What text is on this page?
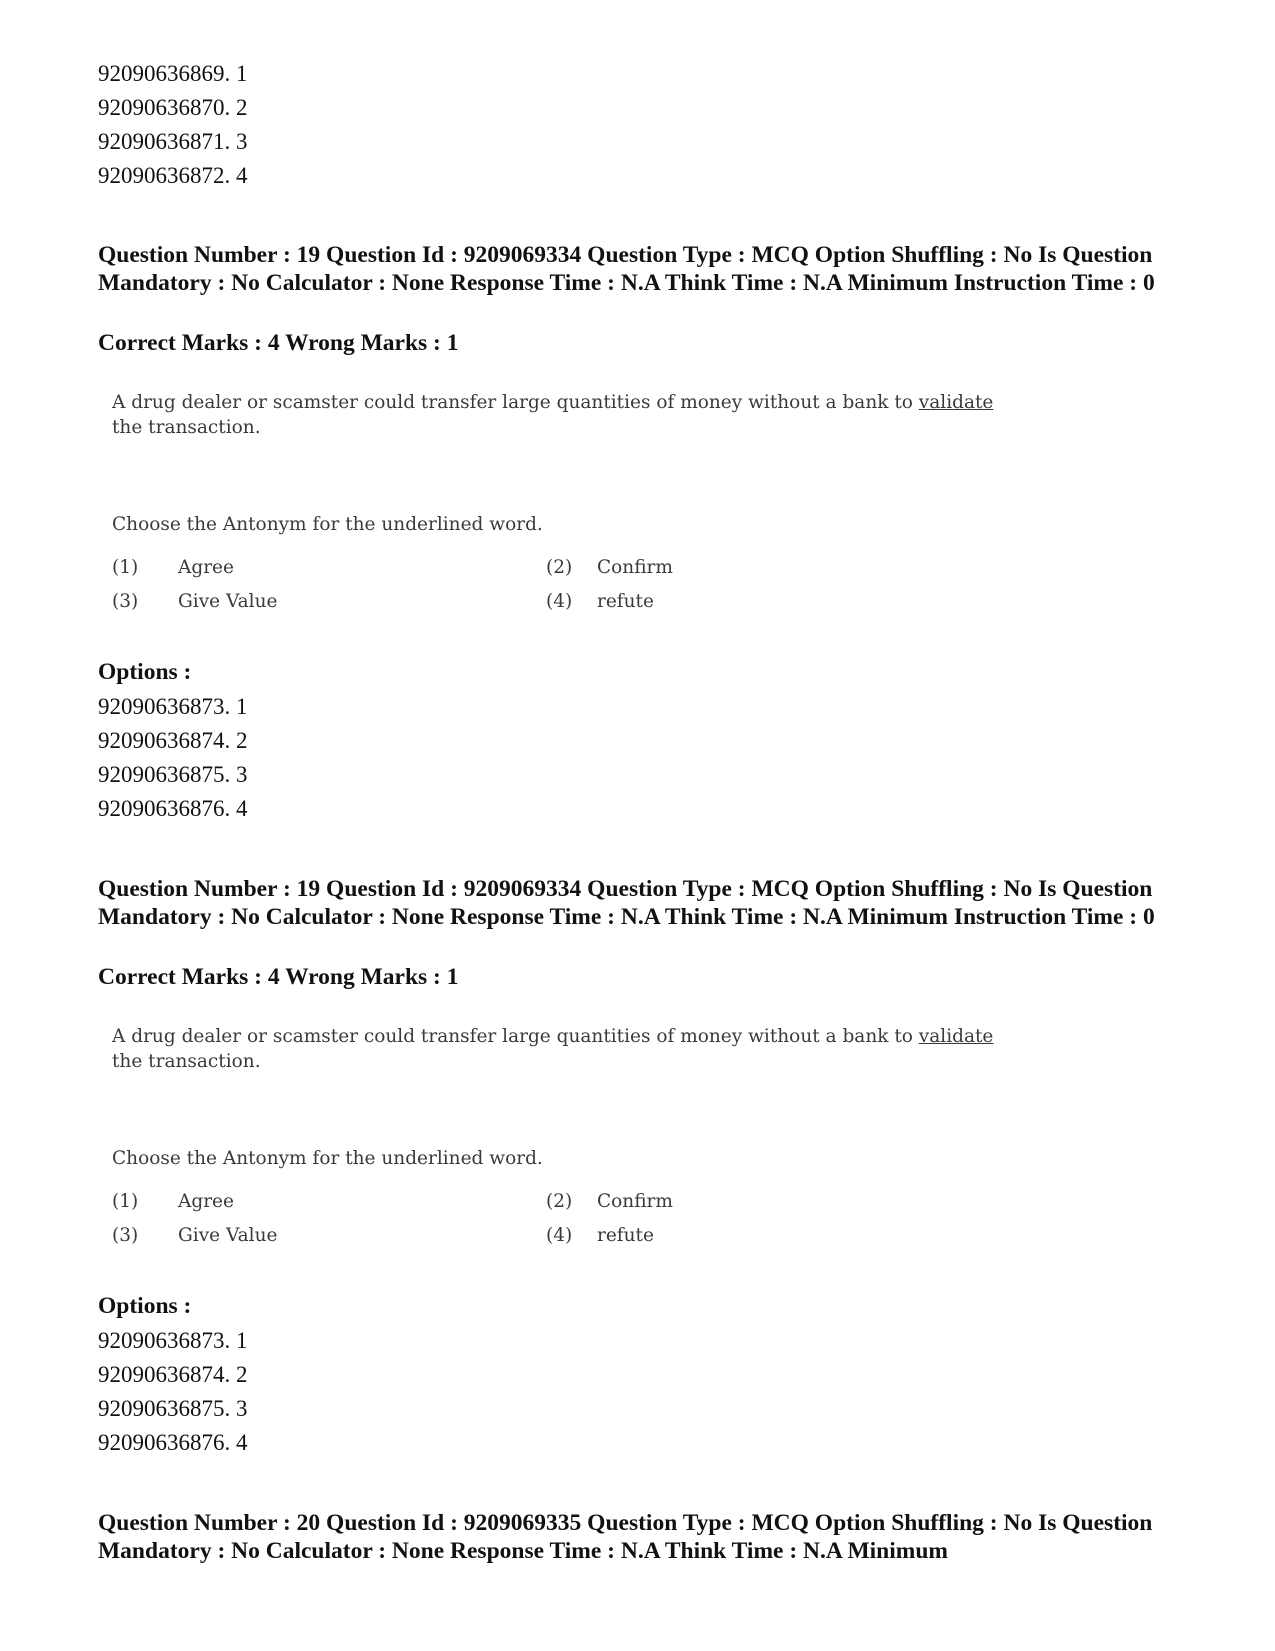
92090636869. 1
92090636870. 2
92090636871. 3
92090636872. 4
Question Number : 19 Question Id : 9209069334 Question Type : MCQ Option Shuffling : No Is Question Mandatory : No Calculator : None Response Time : N.A Think Time : N.A Minimum Instruction Time : 0
Correct Marks : 4 Wrong Marks : 1
A drug dealer or scamster could transfer large quantities of money without a bank to validate the transaction.
Choose the Antonym for the underlined word.
(1) Agree	(2) Confirm
(3) Give Value	(4) refute
Options :
92090636873. 1
92090636874. 2
92090636875. 3
92090636876. 4
Question Number : 19 Question Id : 9209069334 Question Type : MCQ Option Shuffling : No Is Question Mandatory : No Calculator : None Response Time : N.A Think Time : N.A Minimum Instruction Time : 0
Correct Marks : 4 Wrong Marks : 1
A drug dealer or scamster could transfer large quantities of money without a bank to validate the transaction.
Choose the Antonym for the underlined word.
(1) Agree	(2) Confirm
(3) Give Value	(4) refute
Options :
92090636873. 1
92090636874. 2
92090636875. 3
92090636876. 4
Question Number : 20 Question Id : 9209069335 Question Type : MCQ Option Shuffling : No Is Question Mandatory : No Calculator : None Response Time : N.A Think Time : N.A Minimum
